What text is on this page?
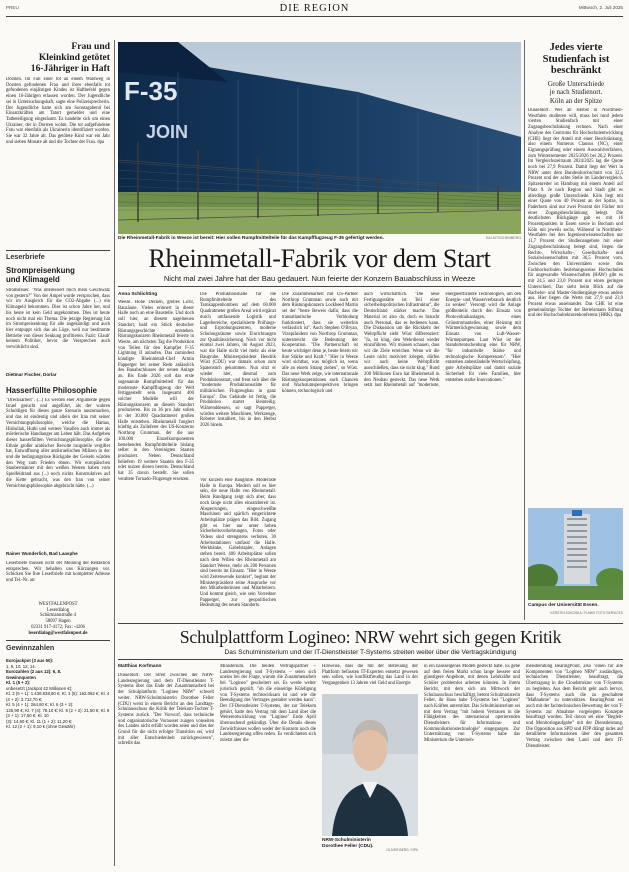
PREU	DIE REGION	Mittwoch, 2. Juli 2025
Frau und
Kleinkind getötet
16-Jähriger in Haft
Dorsten. Im Fall einer tot an einem Waldweg in Dorsten gefundenen Frau und ihres ebenfalls tot gefundenen einjährigen Kindes ist Haftbefehl gegen einen 16-Jährigen erlassen worden. Der Jugendliche sei in Untersuchungshaft, sagte eine Polizeisprecherin. Der Jugendliche hatte sich am Sonntagabend bei Einsatzkräften am Tatort gemeldet und eine Tatbeteiligung eingeräumt. Es handelte sich um einen Ukrainer, der in Dorsten wohnt. Die tot aufgefundene Frau war ebenfalls als Ukrainerin identifiziert worden. Sie war 32 Jahre alt. Das getötete Kind war ein Jahr und sieben Monate alt und die Tochter der Frau. dpa
Leserbriefe
Strompreisenkung
und Klimageld
Stromsteuer. "Was interessiert mich mein Geschwätz von gestern?" Von der Ampel wurde versprochen, dass wir im Ausgleich für die CO2-Abgabe (...) ein Klimageld bekommen. Dies ist schon Jahre her, und bis heute ist kein Geld angekommen. Dies ist heute noch nicht mal ein Thema. Die jetzige Regierung hat im Strompreisenkung für alle angekündigt und auch hier entpuppt sich das als Lüge, weil nur bestimmte Betriebe von dieser Senkung profitieren. Fazit: Glaub' keinem Politiker, bevor die Versprechen auch verwirklicht sind.
Dietmar Fischer, Dorlar
Hasserfüllte Philosophie
"Drecksarbeit". (...) Es werden eher Argumente gegen Israel gesucht und angeführt, als der wahren Schuldigen für dieses ganze Szenario auszumachen, und das ist eindeutig und allein der Iran mit seiner Vernichtungsphilosophie, welche die Hamas, Hisbollah, Huthi und weitere Vasallen auch immer als mörderische Handlanger am Leben hält. Das Aufgeben dieser hasserfüllten Vernichtungsphilosophie, die die Ethnie großer arabischer Revolte rungsteile vergiftet hat, Entwaffnung aller antiisraelischen Milizen in der und die bedingungslose Rückgabe der Geiseln würden den Weg zum Frieden ebnen. Wir europäischen Staubermänner mit den weißen Westen haben vom Spielfeldrand aus (...) noch nichts Konstruktives auf die Kette gebracht, was den Iran von seiner Vernichtungsphilosophie abgebracht hätte. (...)
Rainer Wunderlich, Bad Laasphe
Leserbriefe müssen nicht der Meinung der Redaktion entsprechen. Wir behalten uns Kürzungen vor. Schicken Sie Ihre Leserbriefe mit kompletter Adresse und Tel.-Nr. an:
WESTFALENPOST
Leserdialog
Schürmannstraße 4
58097 Hagen
02331 917-4172; Fax: -4206
leserdialog@westfalenpost.de
Gewinnzahlen
Eurojackpot (3 aus 50):
1, 9, 10, 12, 14.
Eurozahlen (2 aus 12): 6, 8.
Gewinnquoten
Kl. 1 (5 + 2):
unbesetzt (Jackpot 42 Millionen €);
Kl. 2 (5 + 1): 1.436.838,60 €; Kl. 3 (5): 162.062 €; Kl. 4 (4 + 2): 3.712,70 €;
Kl. 5 (4 + 1): 264,60 €; Kl. 6 (3 + 2):
126,90 €; Kl. 7 (4): 78,10 €; Kl. 8 (2 + 2): 21,50 €; Kl. 9 (3 + 1): 17,50 €; Kl. 10
(3): 14,60 €; Kl. 11 (1 + 2): 11,20 €;
Kl. 12 (2 + 1): 9,10 € (ohne Gewähr)
F-35
JOIN
Die Rheinmetall-Fabrik in Weeze ist bereit: Hier sollen Rumpfmittelteile für das Kampfflugzeug F-35 gefertigt werden.	KAI KITSCHENBERG
Rheinmetall-Fabrik vor dem Start
Nicht mal zwei Jahre hat der Bau gedauert. Nun feierte der Konzern Bauabschluss in Weeze
Anna Schlichting
Weeze. Hohe Decken, grelles Licht, Bauzäune. Vieles erinnert in dieser Halle noch an eine Baustelle. Und doch soll hier, an diesem nagelneuen Standort, bald ein Stück deutscher Rüstungsgeschichte entstehen. Rüstungskonzern Rheinmetall feierte in Weeze, am nächsten Tag die Produktion von Teilen für den Kampfjet F-35 Lightning II anlaufen. Das zumindest kündigte Rheinmetall-Chef Armin Papperger bei seiner Rede anlässlich des Bauabschlusses der neuen Anlage an. Bis Ende 2026 soll das erste sogenannte Rumpfmittelteil für das modernste Kampfflugzeug der Welt fertiggestellt sein. Insgesamt 400 solcher Modelle will der Rüstungskonzern an diesem Standort produzieren. Bis zu 36 pro Jahr sollen in der 30.000 Quadratmeter großen Halle entstehen. Rheinmetall fungiert künftig als Zulieferer des US-Konzerns Northrop Grumman, der die aus 100.000 Einzelkomponenten bestehenden Rumpfmittelteile bislang selbst in den Vereinigten Staaten produziert. Neben Deutschland beliefern 19 weitere Staaten den F-35 oder nutzen diesen bereits. Deutschland hat 35 davon bestellt. Sie sollen veraltete Tornado-Flugzeuge ersetzen.
Die Produktionshalle für die Rumpfmittelteile des Tarnkappenbombers auf dem 60.000 Quadratmeter großen Areal wird ergänzt durch umfassende Logistik und Lagerbereiche, spezialisierte Prüfungs- und Erprobungszentren, moderne Schulungsräume sowie Einrichtungen zur Qualitätssicherung. Noch vor nicht einmal zwei Jahren, im August 2023, war die Halle nicht viel mehr als eine Baugrube. Ministerpräsident Hendrik Wüst (CDU) war damals schon zum Spatenstich gekommen. Nun sitzt er wieder hier, diesmal zum Produktionsstart, und freut sich über die "modernste Produktionsstätte für militärischen Flugzeugbau in ganz Europa". Das Gebäude ist fertig, die Produktion startet kleinteilig. Währenddessen, so sagt Papperger, würden weitere Maschinen, Werkzeuge, Roboter installiert, bis in den Herbst 2026 hinein.
Vor kurzem eine Baugrube. Modernste Halle in Europa. Modern soll es hier sein, die neue Halle von Rheinmetall. Beim Rundgang zeigt sich aber, dass noch lange nicht alles einsatzbereit ist. Absperrungen, eingeschweißte Maschinen und spärlich eingerichtete Arbeitsplätze prägen das Bild. Zugang gibt es hier nur unter hohen Sicherheitsvorkehrungen, Fotos oder Videos sind strengstens verboten. 30 Arbeitsstationen umfasst die Halle. Werkbänke, Gabelstapler, Anlagen stehen bereit. 400 Arbeitsplätze sollen nach dem Willen des Rheinmetall am Standort Weeze, mehr als 200 Personen sind bereits im Einsatz. "Hier in Weeze wird Zeitenwende konkret", beginnt der Ministerpräsident seine Ansprache vor den Mitarbeiterinnen und Mitarbeitern. Und kommt gleich, wie sein Vorredner Papperger, zur geopolitischen Bedeutung des neuen Standorts.
Die Zusammenarbeit mit US-Partner Northrop Grumman sowie auch mit dem Rüstungskonzern Lockheed Martin sei der "beste Beweis dafür, dass die transatlantische Verbindung funktioniert, dass sie weiterhin verlässlich ist". Auch Stephen O'Bryan, Vizepräsident von Northrop Grumman, unterstreicht die Bedeutung der Kooperation. "Die Partnerschaft ist heute wichtiger denn je, heute feiern wir ihre Stärke und Kraft." "Hier in Weeze wird sichtbar, was möglich ist, wenn alle an einem Strang ziehen", so Wüst. Das neue Werk zeige, wie internationale Rüstungskooperationen auch Chancen und Wachstumsperspektiven bringen können, technologisch und
auch wirtschaftlich. "Die neue Fertigungsstätte ist Teil einer sicherheitspolitischen Infrastruktur", die Deutschland stärker mache. Das Material ist also da, doch es braucht auch Personal, das es bedienen kann. Die Diskussion um die Rückkehr der Wehrpflicht sieht Wüst differenziert: "Ja, ist klug, den Wehrdienst wieder einzuführen. Wir müssen schauen, dass wir die Ziele erreichen. Wenn wir die Leute nicht motiviert kriegen, dürfen wir auch keine Wehrpflicht ausschließen, dass sie nicht klug." Rund 200 Millionen Euro hat Rheinmetall in den Neubau gesteckt. Das neue Werk setzt laut Rheinmetall auf "modernste, energieeffiziente Technologien, um den Energie- und Wasserverbrauch deutlich zu senken" Versorgt wird die Anlage größtenteils durch den Einsatz von Photovoltaikanlagen, eines Grünstromanteiles, einer Heizung mit Wärmerückgewinnung sowie dem Einsatz von Luft-Wasser-Wärmepumpen. Laut Wüst ist der Standortentscheidung eine für NRW, "für industrielle Stärke und technologische Kompetenzen". "Hier entstehen anbeständelle Wertschöpfung, gute Arbeitsplätze und damit soziale Sicherheit für viele Familien, hier entstehen starke Innovationen."
Jedes vierte
Studienfach ist
beschränkt
Große Unterschiede
je nach Studienort.
Köln an der Spitze
Düsseldorf. Wer ab Herbst in Nordrhein-Westfalen studieren will, muss bei rund jedem vierten Studienfach mit einer Zugangsbeschränkung rechnen. Nach einer Analyse des Centrums für Hochschulentwicklung (CHE) liegt der Anteil mit einer Beschränkung, also einem Numerus Clausus (NC), einer Eignungsprüfung oder einem Auswahlverfahren, zum Wintersemester 2025/2026 bei 26,2 Prozent. Im Vergleichszeitraum 2024/2025 lag die Quote noch bei 27,9 Prozent. Damit liegt der Wert in NRW unter dem Bundesdurchschnitt von 32,5 Prozent und der achte Stelle im Ländervergleich. Spitzenreiter ist Hamburg mit einem Anteil auf Platz 9. Je nach Region und Stadt gibt es allerdings große Unterschiede. Köln liegt mit einer Quote von 40 Prozent an der Spitze, in Paderborn sind nur zwei Prozent der Fächer mit einer Zugangsbeschränkung belegt. Die deutlichsten Rückgänge gab es mit 16 Prozentpunkten in Essen sowie in Bochum und Köln mit jeweils sechs. Während in Nordrhein-Westfalen bei den Ingenieurwissenschaften nur 11,7 Prozent der Studienangebote mit einer Zugangsbeschränkung belegt sind, liegen die Rechts-, Wirtschafts-, Gesellschafts- und Sozialwissenschaften mit 36,5 Prozent vorn. Zwischen den Universitäten sowie den Fachhochschulen beziehungsweise Hochschulen für angewandte Wissenschaften (HAW) gibt es mit 24,5 und 23,0 Prozent nur einen geringen Unterschied. Das sieht beim Blick auf die Bachelor- und Master-Studiengänge etwas anders aus. Hier liegen die Werte mit 27,9 und 23,9 Prozent etwas auseinander. Das CHE ist eine gemeinnützige Tochter der Bertelsmann Stiftung und der Hochschulrektorenkonferenz (HRK). dpa
Campus der Universität Essen.
KERSTIN KOKOSKA / FUNKE FOTO SERVICES
Schulplattform Logineo: NRW wehrt sich gegen Kritik
Das Schulministerium und der IT-Dienstleister T-Systems streiten weiter über die Vertragskündigung
Matthias Korfmann
Düsseldorf. Der Streit zwischen der NRW-Landesregierung und dem IT-Dienstleister T-Systems über das Ende der Zusammenarbeit bei der Schulplattform "Logineo NRW" schwelt weiter. NRW-Schulministerin Dorothee Feller (CDU) weist in einem Bericht an den Landtags-Schulausschuss die Kritik der Telekom-Tochter T-Systems zurück. "Der Vorwurf, dass technische und organisatorische Vorausset zungen vonseiten des Landes nicht erfüllt worden seien und dies der Grund für die nicht erfolgte Transition sei, wird mit aller Entschiedenheit zurückgewiesen", schreibt das
Ministerium. Die beiden Vertragspartner – Landesregierung und T-Systems – seien sich uneins bei der Frage, warum die Zusammenarbeit bei "Logineo" gescheitert sei. Es werde weiter juristisch geprüft, "ob die einseitige Kündigung von T-Systems rechtswirksam ist und wie die Beendigung des Vertrages gestaltet werden kann". Der IT-Dienstleister T-Systems, der zur Telekom gehört, hatte den Vertrag mit dem Land über die Weiterentwicklung von "Logineo" Ende April überraschend gekündigt. Über die Details dieses Zerwürfnisses wollen weder der Konzern noch die Landesregierung offen reden. Es verdichteten sich zuletzt aber die
Hinweise, dass die mit der Betreuung der Plattform befassten IT-Experten entsetzt gewesen sein sollen, wie konfliktfreudig das Land in der Vergangenheit 13 Jahren viel Geld und Energie
NRW-Schulministerin Dorothee Feller (CDU).
OLIVER BERG / DPA
in ein hausseigenes Modell gesteckt habe. Es gebe auf dem freien Markt schon lange bessere und günstigere Angebote, mit denen Lehrkräfte und Schüler problemlos arbeiten könnten. In ihrem Bericht, mit dem sich am Mittwoch der Schulausschuss beschäftigt, betont Schulministerin Feller, ihr Haus habe T-Systems bei "Logineo" nach Kräften unterstützt. Das Schulministerium sei mit dem Vertrag "mit hohem Vertrauen in die Fähigkeiten des international operierenden Dienstleisters für Informations- und Kommunikationstechnologie" eingegangen. Zur Unterstützung von T-Systems habe das Ministerium die Unterneh-
mensberatung BearingPoint, also "einen für alle Komponenten von "Logineo NRW" zuständigen, technischen Dienstleister, beauftragt, die Übertragung in die Cloudstruktur von T-Systems zu begleiten. Aus dem Bericht geht auch hervor, dass T-Systems auch die zu geschaltete "Maßnahme" zu unterstützen. BearingPoint sei auch mit der fachtechnischen Bewertung der von T-Systems zur Abnahme vorgelegten Konzepte beauftragt worden. Teil davon sei eine "Begleit- und Monitoringaufgabe" mit der Dienstleistung. Die Opposition aus SPD und FDP drängt indes auf detaillierte Informationen über den gesamten Vertrag zwischen dem Land und dem IT-Dienstleister.
